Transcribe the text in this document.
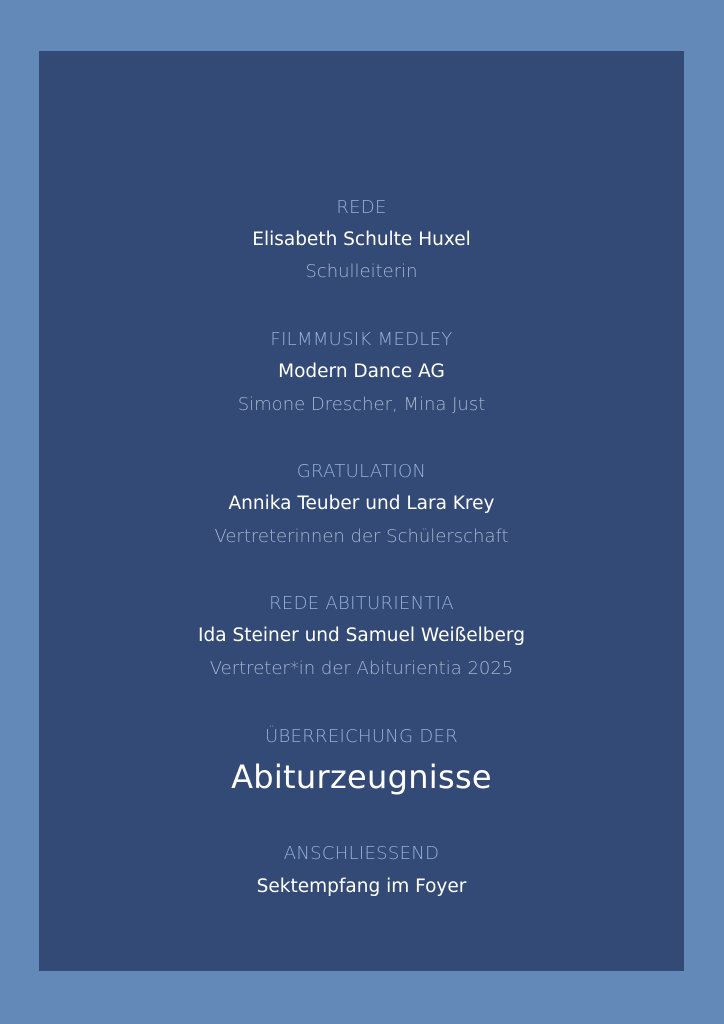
REDE
Elisabeth Schulte Huxel
Schulleiterin
FILMMUSIK MEDLEY
Modern Dance AG
Simone Drescher, Mina Just
GRATULATION
Annika Teuber und Lara Krey
Vertreterinnen der Schülerschaft
REDE ABITURIENTIA
Ida Steiner und Samuel Weißelberg
Vertreter*in der Abiturientia 2025
ÜBERREICHUNG DER
Abiturzeugnisse
ANSCHLIESSEND
Sektempfang im Foyer
